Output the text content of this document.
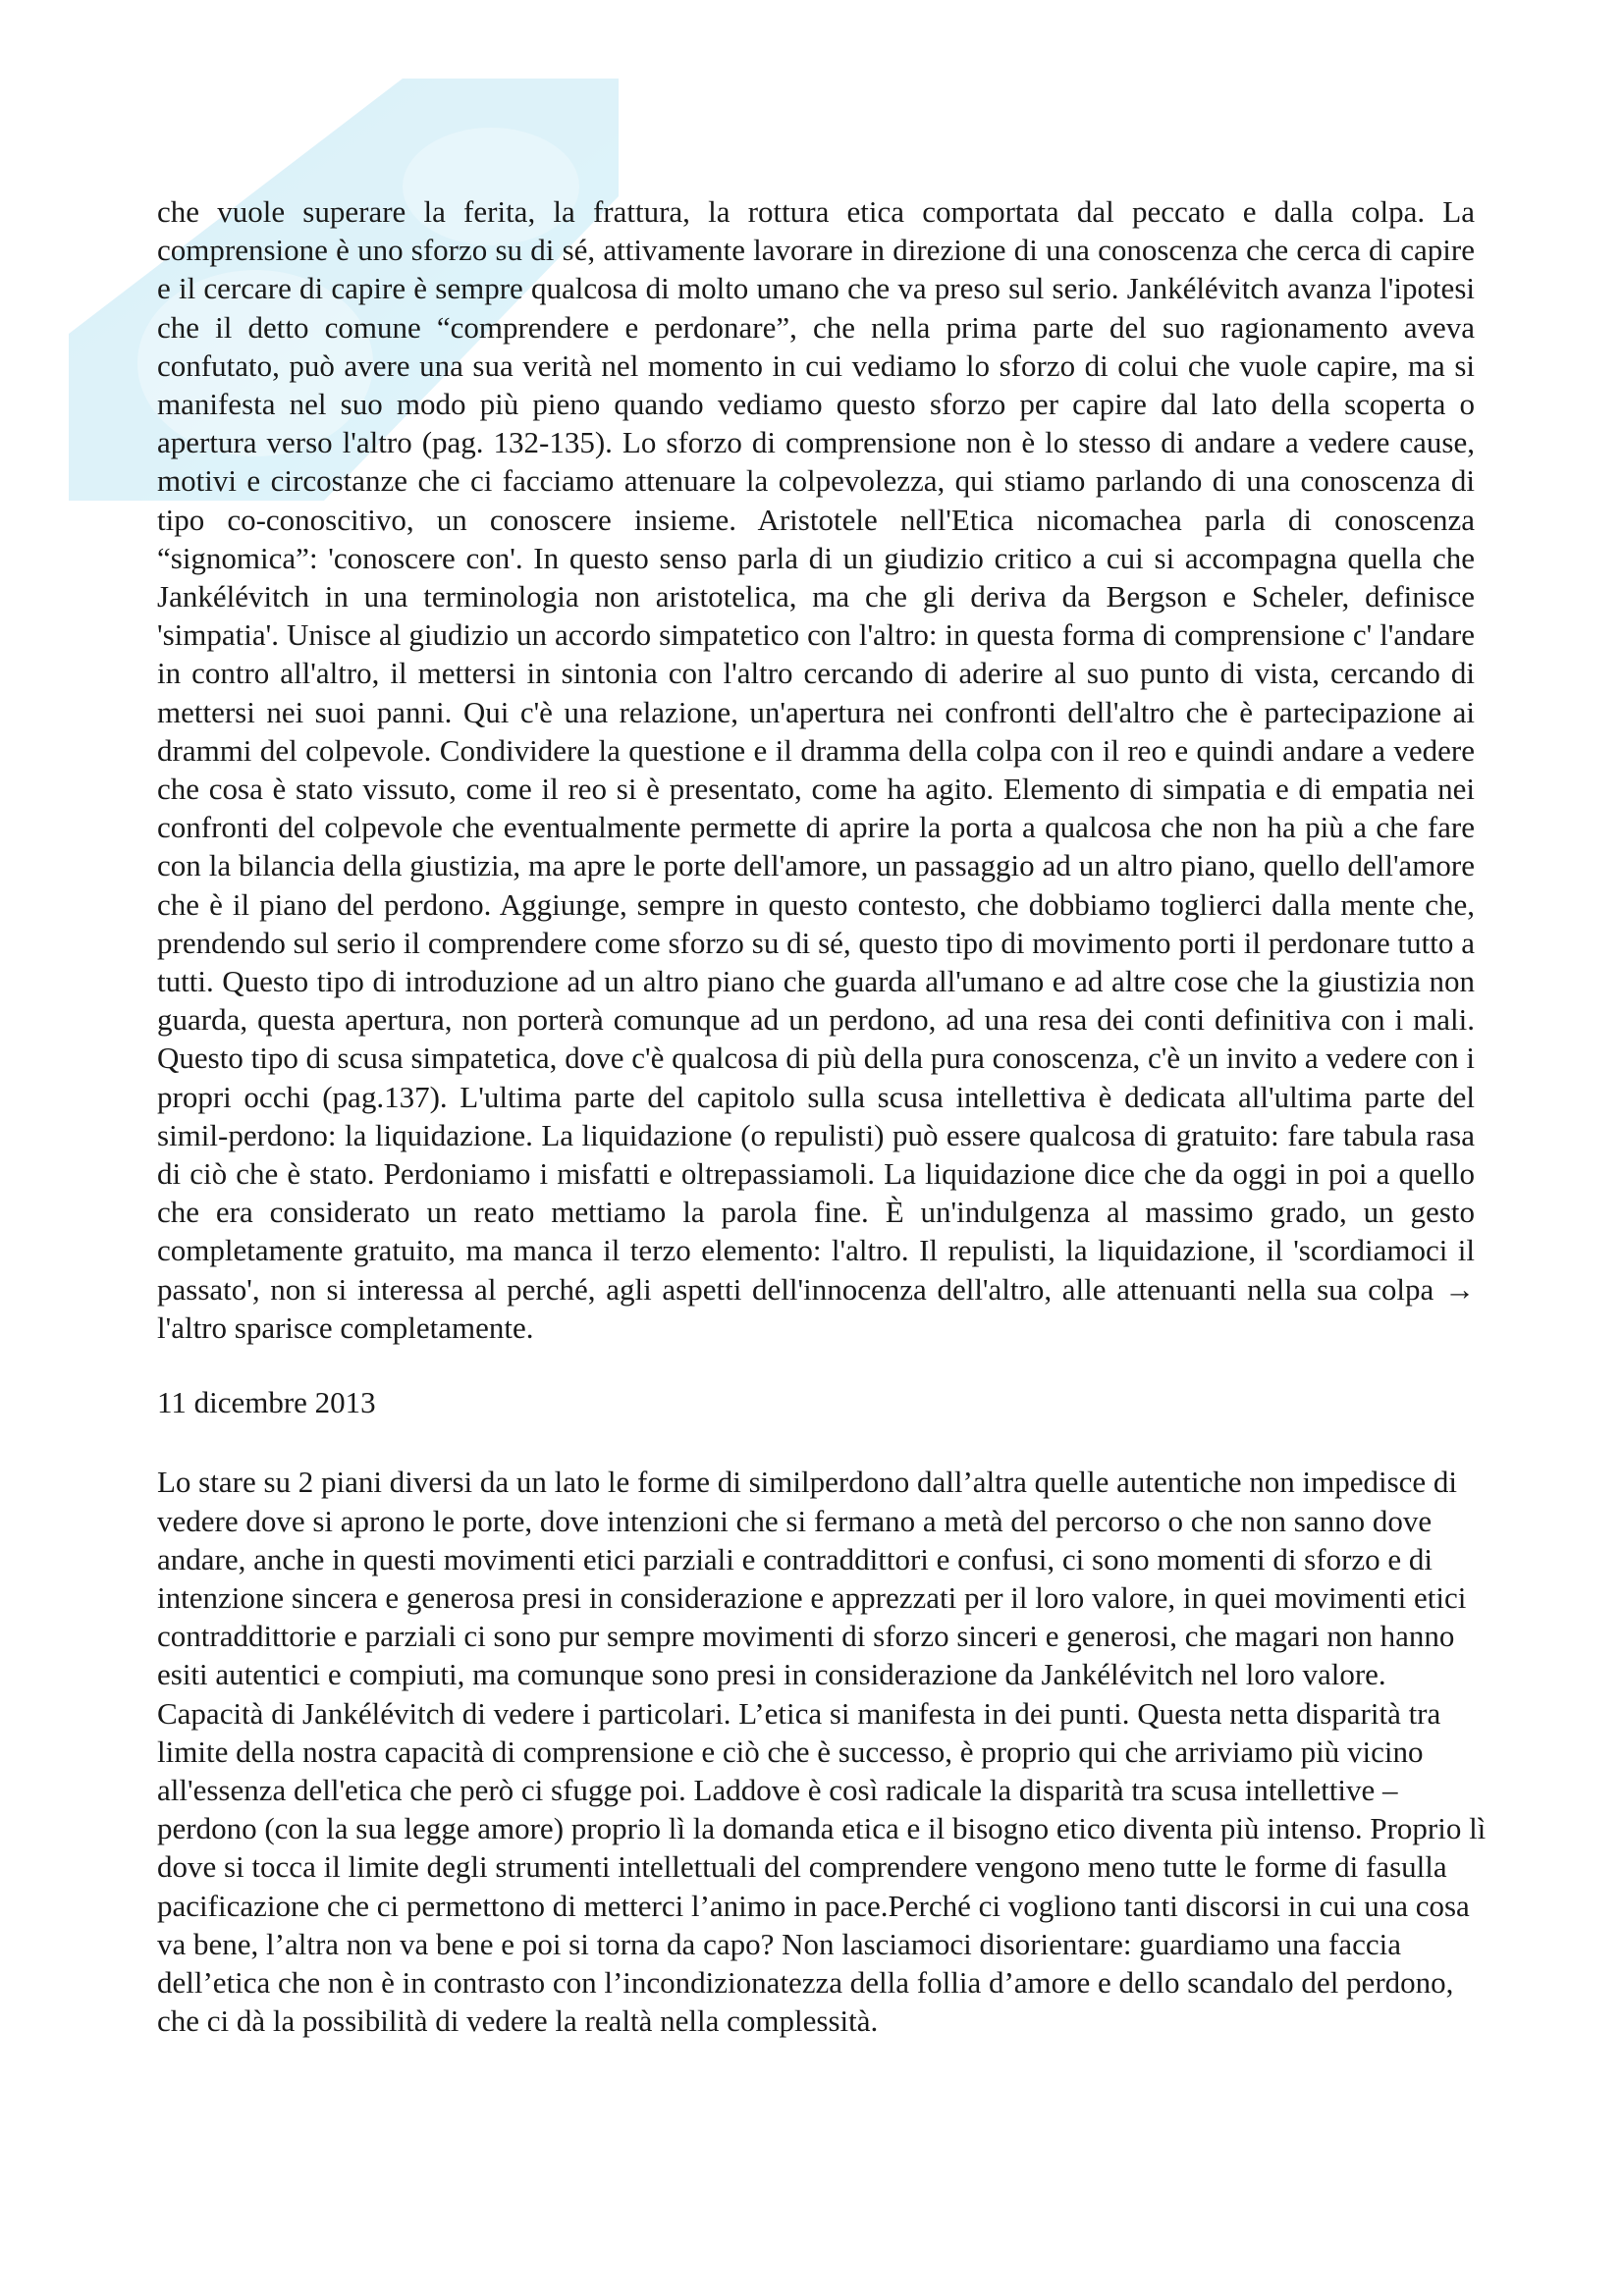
che vuole superare la ferita, la frattura, la rottura etica comportata dal peccato e dalla colpa. La comprensione è uno sforzo su di sé, attivamente lavorare in direzione di una conoscenza che cerca di capire e il cercare di capire è sempre qualcosa di molto umano che va preso sul serio. Jankélévitch avanza l'ipotesi che il detto comune “comprendere e perdonare”, che nella prima parte del suo ragionamento aveva confutato, può avere una sua verità nel momento in cui vediamo lo sforzo di colui che vuole capire, ma si manifesta nel suo modo più pieno quando vediamo questo sforzo per capire dal lato della scoperta o apertura verso l'altro (pag. 132-135). Lo sforzo di comprensione non è lo stesso di andare a vedere cause, motivi e circostanze che ci facciamo attenuare la colpevolezza, qui stiamo parlando di una conoscenza di tipo co-conoscitivo, un conoscere insieme. Aristotele nell'Etica nicomachea parla di conoscenza “signomica”: 'conoscere con'. In questo senso parla di un giudizio critico a cui si accompagna quella che Jankélévitch in una terminologia non aristotelica, ma che gli deriva da Bergson e Scheler, definisce 'simpatia'. Unisce al giudizio un accordo simpatetico con l'altro: in questa forma di comprensione c' l'andare in contro all'altro, il mettersi in sintonia con l'altro cercando di aderire al suo punto di vista, cercando di mettersi nei suoi panni. Qui c'è una relazione, un'apertura nei confronti dell'altro che è partecipazione ai drammi del colpevole. Condividere la questione e il dramma della colpa con il reo e quindi andare a vedere che cosa è stato vissuto, come il reo si è presentato, come ha agito. Elemento di simpatia e di empatia nei confronti del colpevole che eventualmente permette di aprire la porta a qualcosa che non ha più a che fare con la bilancia della giustizia, ma apre le porte dell'amore, un passaggio ad un altro piano, quello dell'amore che è il piano del perdono. Aggiunge, sempre in questo contesto, che dobbiamo toglierci dalla mente che, prendendo sul serio il comprendere come sforzo su di sé, questo tipo di movimento porti il perdonare tutto a tutti. Questo tipo di introduzione ad un altro piano che guarda all'umano e ad altre cose che la giustizia non guarda, questa apertura, non porterà comunque ad un perdono, ad una resa dei conti definitiva con i mali. Questo tipo di scusa simpatetica, dove c'è qualcosa di più della pura conoscenza, c'è un invito a vedere con i propri occhi (pag.137). L'ultima parte del capitolo sulla scusa intellettiva è dedicata all'ultima parte del simil-perdono: la liquidazione. La liquidazione (o repulisti) può essere qualcosa di gratuito: fare tabula rasa di ciò che è stato. Perdoniamo i misfatti e oltrepassiamoli. La liquidazione dice che da oggi in poi a quello che era considerato un reato mettiamo la parola fine. È un'indulgenza al massimo grado, un gesto completamente gratuito, ma manca il terzo elemento: l'altro. Il repulisti, la liquidazione, il 'scordiamoci il passato', non si interessa al perché, agli aspetti dell'innocenza dell'altro, alle attenuanti nella sua colpa → l'altro sparisce completamente.

11 dicembre 2013

Lo stare su 2 piani diversi da un lato le forme di similperdono dall’altra quelle autentiche non impedisce di vedere dove si aprono le porte, dove intenzioni che si fermano a metà del percorso o che non sanno dove andare, anche in questi movimenti etici parziali e contraddittori e confusi, ci sono momenti di sforzo e di intenzione sincera e generosa presi in considerazione e apprezzati per il loro valore, in quei movimenti etici contraddittorie e parziali ci sono pur sempre movimenti di sforzo sinceri e generosi, che magari non hanno esiti autentici e compiuti, ma comunque sono presi in considerazione da Jankélévitch nel loro valore. Capacità di Jankélévitch di vedere i particolari. L’etica si manifesta in dei punti. Questa netta disparità tra limite della nostra capacità di comprensione e ciò che è successo, è proprio qui che arriviamo più vicino all'essenza dell'etica che però ci sfugge poi. Laddove è così radicale la disparità tra scusa intellettive – perdono (con la sua legge amore) proprio lì la domanda etica e il bisogno etico diventa più intenso. Proprio lì dove si tocca il limite degli strumenti intellettuali del comprendere vengono meno tutte le forme di fasulla pacificazione che ci permettono di metterci l’animo in pace.Perché ci vogliono tanti discorsi in cui una cosa va bene, l’altra non va bene e poi si torna da capo? Non lasciamoci disorientare: guardiamo una faccia dell’etica che non è in contrasto con l’incondizionatezza della follia d’amore e dello scandalo del perdono, che ci dà la possibilità di vedere la realtà nella complessità.
